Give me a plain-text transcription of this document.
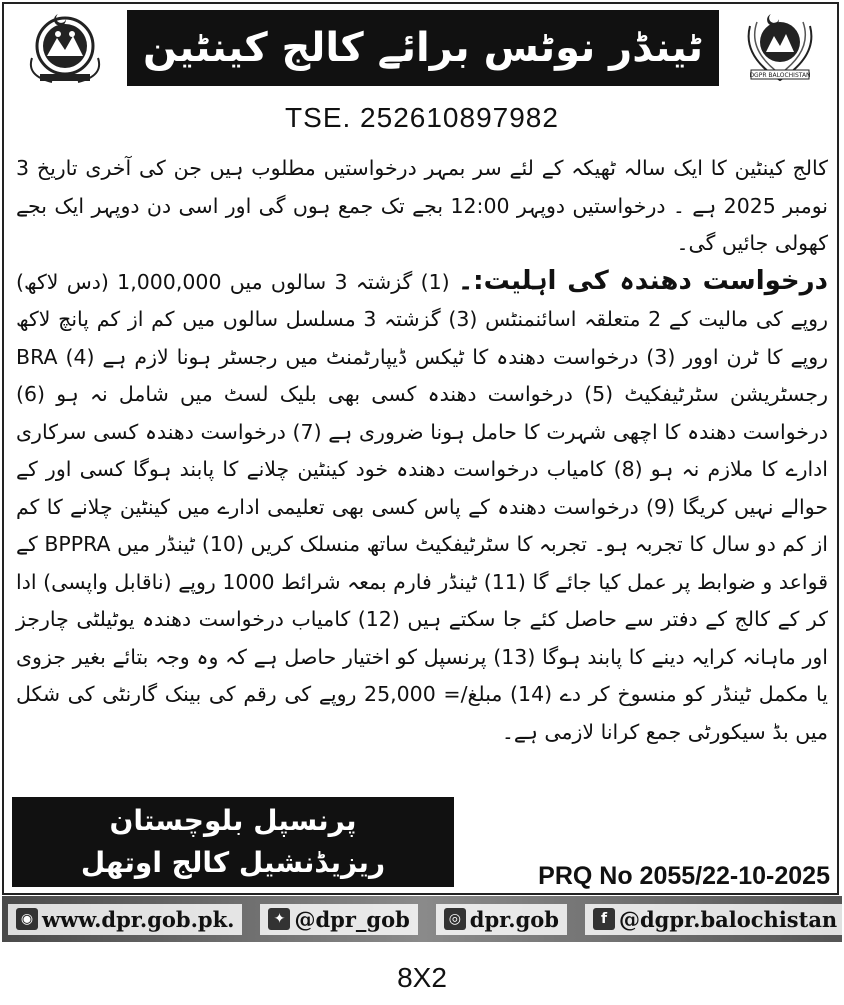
ٹینڈر نوٹس برائے کالج کینٹین
DGPR BALOCHISTAN
TSE. 252610897982

کالج کینٹین کا ایک سالہ ٹھیکہ کے لئے سر بمہر درخواستیں مطلوب ہیں جن کی آخری تاریخ 3 نومبر 2025 ہے ۔ درخواستیں دوپہر 12:00 بجے تک جمع ہوں گی اور اسی دن دوپہر ایک بجے کھولی جائیں گی۔

درخواست دھندہ کی اہلیت:۔ (1) گزشتہ 3 سالوں میں 1,000,000 (دس لاکھ) روپے کی مالیت کے 2 متعلقہ اسائنمنٹس (3) گزشتہ 3 مسلسل سالوں میں کم از کم پانچ لاکھ روپے کا ٹرن اوور (3) درخواست دھندہ کا ٹیکس ڈیپارٹمنٹ میں رجسٹر ہونا لازم ہے (4) BRA رجسٹریشن سٹرٹیفکیٹ (5) درخواست دھندہ کسی بھی بلیک لسٹ میں شامل نہ ہو (6) درخواست دھندہ کا اچھی شہرت کا حامل ہونا ضروری ہے (7) درخواست دھندہ کسی سرکاری ادارے کا ملازم نہ ہو (8) کامیاب درخواست دھندہ خود کینٹین چلانے کا پابند ہوگا کسی اور کے حوالے نہیں کریگا (9) درخواست دھندہ کے پاس کسی بھی تعلیمی ادارے میں کینٹین چلانے کا کم از کم دو سال کا تجربہ ہو۔ تجربہ کا سٹرٹیفکیٹ ساتھ منسلک کریں (10) ٹینڈر میں BPPRA کے قواعد و ضوابط پر عمل کیا جائے گا (11) ٹینڈر فارم بمعہ شرائط 1000 روپے (ناقابل واپسی) ادا کر کے کالج کے دفتر سے حاصل کئے جا سکتے ہیں (12) کامیاب درخواست دھندہ یوٹیلٹی چارجز اور ماہانہ کرایہ دینے کا پابند ہوگا (13) پرنسپل کو اختیار حاصل ہے کہ وہ وجہ بتائے بغیر جزوی یا مکمل ٹینڈر کو منسوخ کر دے (14) مبلغ/= 25,000 روپے کی رقم کی بینک گارنٹی کی شکل میں بڈ سیکورٹی جمع کرانا لازمی ہے۔

پرنسپل بلوچستان
ریزیڈنشیل کالج اوتھل	PRQ No 2055/22-10-2025
◉ www.dpr.gob.pk.	✦ @dpr_gob	◎ dpr.gob	f @dgpr.balochistan
8X2
